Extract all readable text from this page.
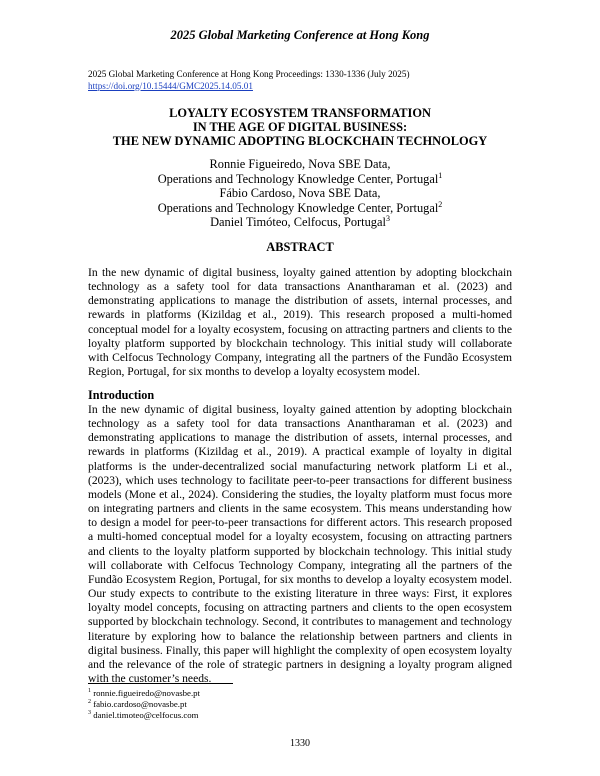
2025 Global Marketing Conference at Hong Kong
2025 Global Marketing Conference at Hong Kong Proceedings: 1330-1336 (July 2025)
https://doi.org/10.15444/GMC2025.14.05.01
LOYALTY ECOSYSTEM TRANSFORMATION
IN THE AGE OF DIGITAL BUSINESS:
THE NEW DYNAMIC ADOPTING BLOCKCHAIN TECHNOLOGY
Ronnie Figueiredo, Nova SBE Data,
Operations and Technology Knowledge Center, Portugal$^1$
Fábio Cardoso, Nova SBE Data,
Operations and Technology Knowledge Center, Portugal$^2$
Daniel Timóteo, Celfocus, Portugal$^3$
ABSTRACT
In the new dynamic of digital business, loyalty gained attention by adopting blockchain technology as a safety tool for data transactions Anantharaman et al. (2023) and demonstrating applications to manage the distribution of assets, internal processes, and rewards in platforms (Kizildag et al., 2019). This research proposed a multi-homed conceptual model for a loyalty ecosystem, focusing on attracting partners and clients to the loyalty platform supported by blockchain technology. This initial study will collaborate with Celfocus Technology Company, integrating all the partners of the Fundão Ecosystem Region, Portugal, for six months to develop a loyalty ecosystem model.
Introduction
In the new dynamic of digital business, loyalty gained attention by adopting blockchain technology as a safety tool for data transactions Anantharaman et al. (2023) and demonstrating applications to manage the distribution of assets, internal processes, and rewards in platforms (Kizildag et al., 2019). A practical example of loyalty in digital platforms is the under-decentralized social manufacturing network platform Li et al., (2023), which uses technology to facilitate peer-to-peer transactions for different business models (Mone et al., 2024). Considering the studies, the loyalty platform must focus more on integrating partners and clients in the same ecosystem. This means understanding how to design a model for peer-to-peer transactions for different actors. This research proposed a multi-homed conceptual model for a loyalty ecosystem, focusing on attracting partners and clients to the loyalty platform supported by blockchain technology. This initial study will collaborate with Celfocus Technology Company, integrating all the partners of the Fundão Ecosystem Region, Portugal, for six months to develop a loyalty ecosystem model. Our study expects to contribute to the existing literature in three ways: First, it explores loyalty model concepts, focusing on attracting partners and clients to the open ecosystem supported by blockchain technology. Second, it contributes to management and technology literature by exploring how to balance the relationship between partners and clients in digital business. Finally, this paper will highlight the complexity of open ecosystem loyalty and the relevance of the role of strategic partners in designing a loyalty program aligned with the customer’s needs.
$^1$ ronnie.figueiredo@novasbe.pt
$^2$ fabio.cardoso@novasbe.pt
$^3$ daniel.timoteo@celfocus.com
1330
